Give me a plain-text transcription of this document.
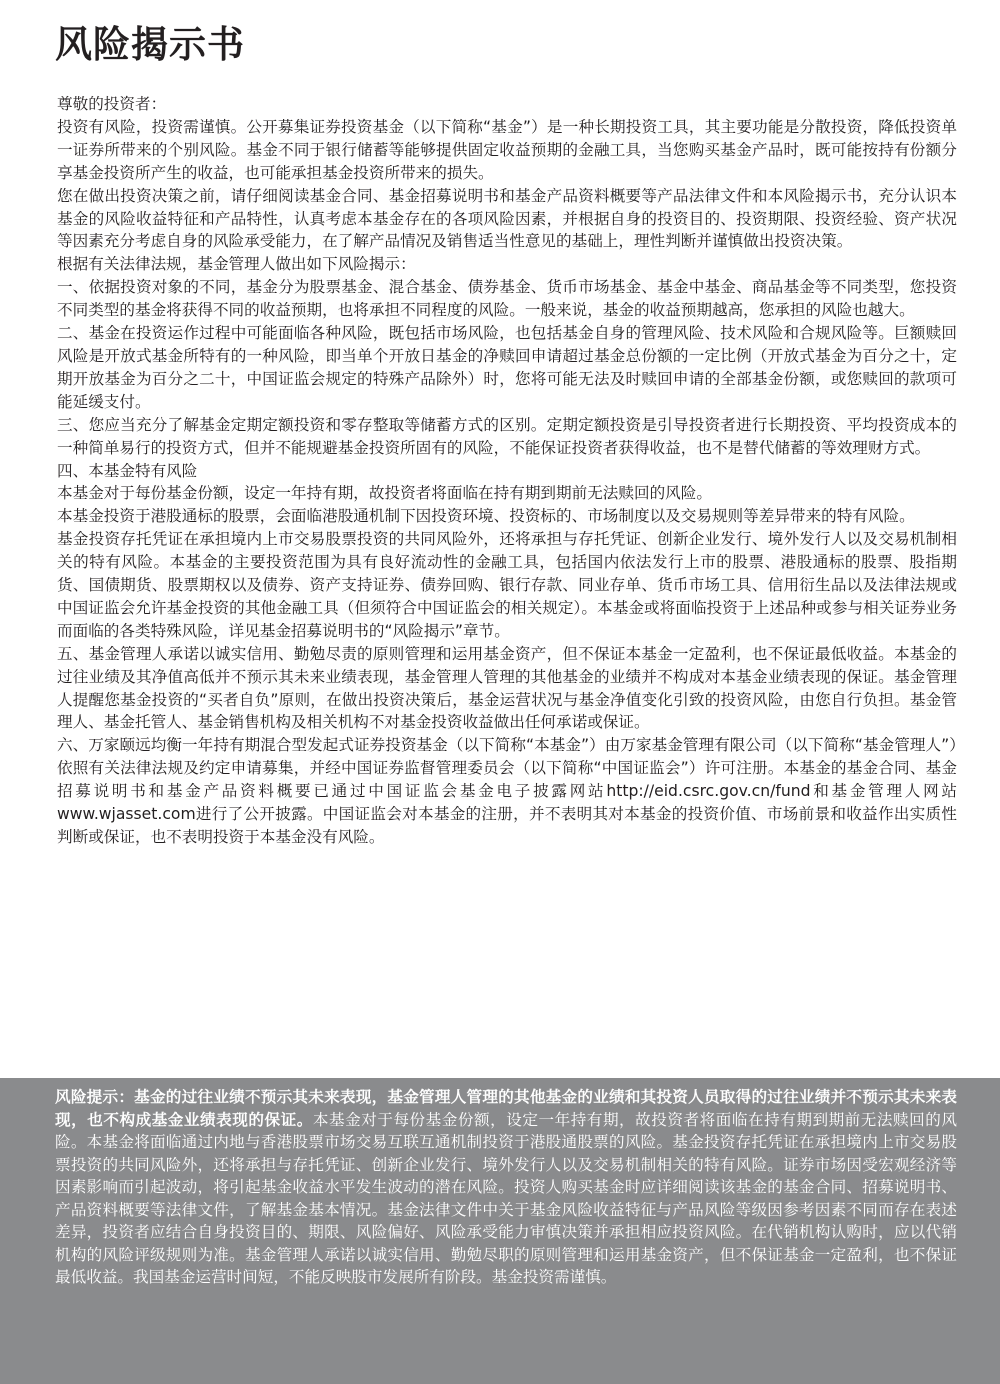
风险揭示书

尊敬的投资者：

投资有风险，投资需谨慎。公开募集证券投资基金（以下简称“基金”）是一种长期投资工具，其主要功能是分散投资，降低投资单一证券所带来的个别风险。基金不同于银行储蓄等能够提供固定收益预期的金融工具，当您购买基金产品时，既可能按持有份额分享基金投资所产生的收益，也可能承担基金投资所带来的损失。

您在做出投资决策之前，请仔细阅读基金合同、基金招募说明书和基金产品资料概要等产品法律文件和本风险揭示书，充分认识本基金的风险收益特征和产品特性，认真考虑本基金存在的各项风险因素，并根据自身的投资目的、投资期限、投资经验、资产状况等因素充分考虑自身的风险承受能力，在了解产品情况及销售适当性意见的基础上，理性判断并谨慎做出投资决策。

根据有关法律法规，基金管理人做出如下风险揭示：

一、依据投资对象的不同，基金分为股票基金、混合基金、债券基金、货币市场基金、基金中基金、商品基金等不同类型，您投资不同类型的基金将获得不同的收益预期，也将承担不同程度的风险。一般来说，基金的收益预期越高，您承担的风险也越大。

二、基金在投资运作过程中可能面临各种风险，既包括市场风险，也包括基金自身的管理风险、技术风险和合规风险等。巨额赎回风险是开放式基金所特有的一种风险，即当单个开放日基金的净赎回申请超过基金总份额的一定比例（开放式基金为百分之十，定期开放基金为百分之二十，中国证监会规定的特殊产品除外）时，您将可能无法及时赎回申请的全部基金份额，或您赎回的款项可能延缓支付。

三、您应当充分了解基金定期定额投资和零存整取等储蓄方式的区别。定期定额投资是引导投资者进行长期投资、平均投资成本的一种简单易行的投资方式，但并不能规避基金投资所固有的风险，不能保证投资者获得收益，也不是替代储蓄的等效理财方式。

四、本基金特有风险

本基金对于每份基金份额，设定一年持有期，故投资者将面临在持有期到期前无法赎回的风险。

本基金投资于港股通标的股票，会面临港股通机制下因投资环境、投资标的、市场制度以及交易规则等差异带来的特有风险。

基金投资存托凭证在承担境内上市交易股票投资的共同风险外，还将承担与存托凭证、创新企业发行、境外发行人以及交易机制相关的特有风险。本基金的主要投资范围为具有良好流动性的金融工具，包括国内依法发行上市的股票、港股通标的股票、股指期货、国债期货、股票期权以及债券、资产支持证券、债券回购、银行存款、同业存单、货币市场工具、信用衍生品以及法律法规或中国证监会允许基金投资的其他金融工具（但须符合中国证监会的相关规定）。本基金或将面临投资于上述品种或参与相关证券业务而面临的各类特殊风险，详见基金招募说明书的“风险揭示”章节。

五、基金管理人承诺以诚实信用、勤勉尽责的原则管理和运用基金资产，但不保证本基金一定盈利，也不保证最低收益。本基金的过往业绩及其净值高低并不预示其未来业绩表现，基金管理人管理的其他基金的业绩并不构成对本基金业绩表现的保证。基金管理人提醒您基金投资的“买者自负”原则，在做出投资决策后，基金运营状况与基金净值变化引致的投资风险，由您自行负担。基金管理人、基金托管人、基金销售机构及相关机构不对基金投资收益做出任何承诺或保证。

六、万家颐远均衡一年持有期混合型发起式证券投资基金（以下简称“本基金”）由万家基金管理有限公司（以下简称“基金管理人”）依照有关法律法规及约定申请募集，并经中国证券监督管理委员会（以下简称“中国证监会”）许可注册。本基金的基金合同、基金招募说明书和基金产品资料概要已通过中国证监会基金电子披露网站http://eid.csrc.gov.cn/fund和基金管理人网站www.wjasset.com进行了公开披露。中国证监会对本基金的注册，并不表明其对本基金的投资价值、市场前景和收益作出实质性判断或保证，也不表明投资于本基金没有风险。

风险提示：基金的过往业绩不预示其未来表现，基金管理人管理的其他基金的业绩和其投资人员取得的过往业绩并不预示其未来表现，也不构成基金业绩表现的保证。本基金对于每份基金份额，设定一年持有期，故投资者将面临在持有期到期前无法赎回的风险。本基金将面临通过内地与香港股票市场交易互联互通机制投资于港股通股票的风险。基金投资存托凭证在承担境内上市交易股票投资的共同风险外，还将承担与存托凭证、创新企业发行、境外发行人以及交易机制相关的特有风险。证券市场因受宏观经济等因素影响而引起波动，将引起基金收益水平发生波动的潜在风险。投资人购买基金时应详细阅读该基金的基金合同、招募说明书、产品资料概要等法律文件，了解基金基本情况。基金法律文件中关于基金风险收益特征与产品风险等级因参考因素不同而存在表述差异，投资者应结合自身投资目的、期限、风险偏好、风险承受能力审慎决策并承担相应投资风险。在代销机构认购时，应以代销机构的风险评级规则为准。基金管理人承诺以诚实信用、勤勉尽职的原则管理和运用基金资产，但不保证基金一定盈利，也不保证最低收益。我国基金运营时间短，不能反映股市发展所有阶段。基金投资需谨慎。
